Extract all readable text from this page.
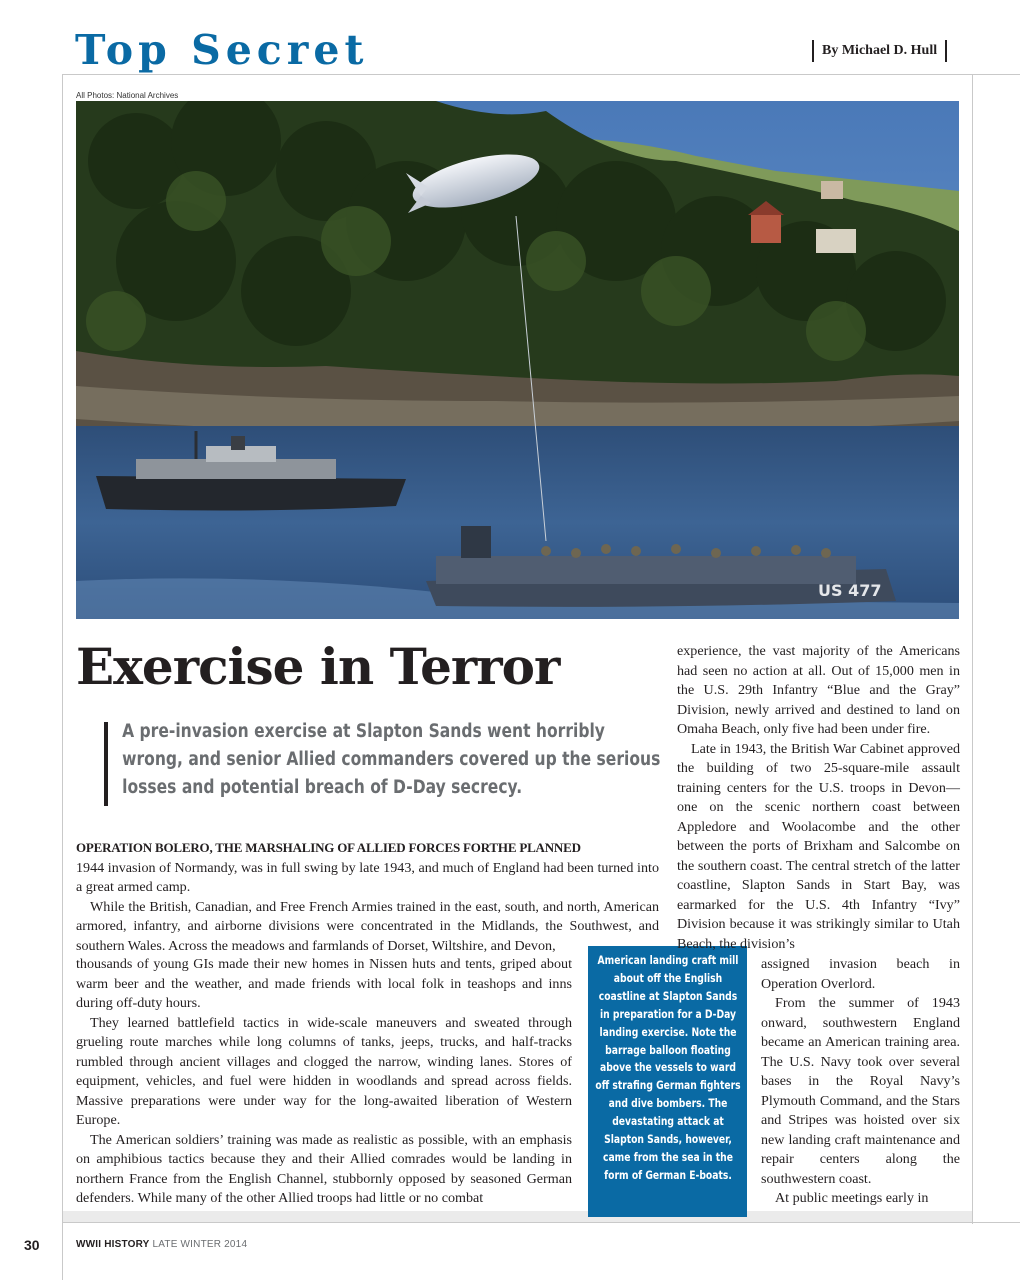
Top Secret	By Michael D. Hull
All Photos: National Archives
US 477
Exercise in Terror

A pre-invasion exercise at Slapton Sands went horribly wrong, and senior Allied commanders covered up the serious losses and potential breach of D-Day secrecy.

OPERATION BOLERO, THE MARSHALING OF ALLIED FORCES FORTHE PLANNED
1944 invasion of Normandy, was in full swing by late 1943, and much of England had been turned into a great armed camp.

While the British, Canadian, and Free French Armies trained in the east, south, and north, American armored, infantry, and airborne divisions were concentrated in the Midlands, the Southwest, and southern Wales. Across the meadows and farmlands of Dorset, Wiltshire, and Devon,

thousands of young GIs made their new homes in Nissen huts and tents, griped about warm beer and the weather, and made friends with local folk in teashops and inns during off-duty hours.

They learned battlefield tactics in wide-scale maneuvers and sweated through grueling route marches while long columns of tanks, jeeps, trucks, and half-tracks rumbled through ancient villages and clogged the narrow, winding lanes. Stores of equipment, vehicles, and fuel were hidden in woodlands and spread across fields. Massive preparations were under way for the long-awaited liberation of Western Europe.

The American soldiers’ training was made as realistic as possible, with an emphasis on amphibious tactics because they and their Allied comrades would be landing in northern France from the English Channel, stubbornly opposed by seasoned German defenders. While many of the other Allied troops had little or no combat

American landing craft mill about off the English coastline at Slapton Sands in preparation for a D-Day landing exercise. Note the barrage balloon floating above the vessels to ward off strafing German fighters and dive bombers. The devastating attack at Slapton Sands, however, came from the sea in the form of German E-boats.

experience, the vast majority of the Americans had seen no action at all. Out of 15,000 men in the U.S. 29th Infantry “Blue and the Gray” Division, newly arrived and destined to land on Omaha Beach, only five had been under fire.

Late in 1943, the British War Cabinet approved the building of two 25-square-mile assault training centers for the U.S. troops in Devon—one on the scenic northern coast between Appledore and Woolacombe and the other between the ports of Brixham and Salcombe on the southern coast. The central stretch of the latter coastline, Slapton Sands in Start Bay, was earmarked for the U.S. 4th Infantry “Ivy” Division because it was strikingly similar to Utah Beach, the division’s

assigned invasion beach in Operation Overlord.

From the summer of 1943 onward, southwestern England became an American training area. The U.S. Navy took over several bases in the Royal Navy’s Plymouth Command, and the Stars and Stripes was hoisted over six new landing craft maintenance and repair centers along the southwestern coast.

At public meetings early in

30	WWII HISTORY LATE WINTER 2014
